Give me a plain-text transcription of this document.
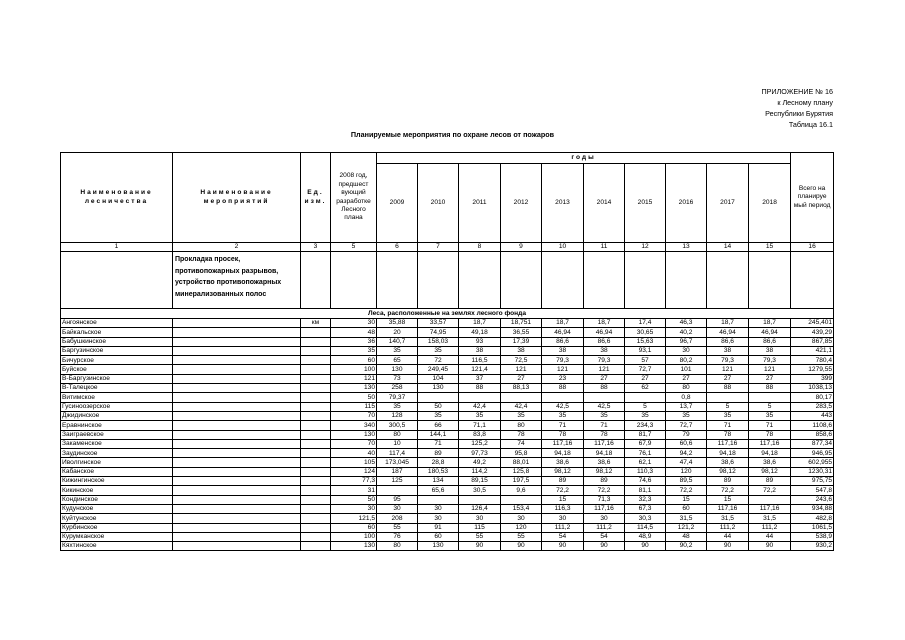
ПРИЛОЖЕНИЕ № 16
к Лесному плану
Республики Бурятия
Таблица 16.1
Планируемые мероприятия по охране лесов от пожаров
Наименование лесничества	Наименование мероприятий	Ед. изм.	2008 год, предшест вующий разработке Лесного плана	годы										Всего на планируе мый период
				2009	2010	2011	2012	2013	2014	2015	2016	2017	2018	
1	2	3	5	6	7	8	9	10	11	12	13	14	15	16
	Прокладка просек, противопожарных разрывов, устройство противопожарных минерализованных полос													
Леса, расположенные на землях лесного фонда														
Ангоянское		км	30	35,88	33,57	18,7	18,751	18,7	18,7	17,4	46,3	18,7	18,7	245,401
Байкальское			48	20	74,95	49,18	36,55	46,94	46,94	30,65	40,2	46,94	46,94	439,29
Бабушкинское			36	140,7	158,03	93	17,39	86,6	86,6	15,63	96,7	86,6	86,6	867,85
Баргузинское			35	35	35	38	38	38	38	93,1	30	38	38	421,1
Бичурское			60	65	72	116,5	72,5	79,3	79,3	57	80,2	79,3	79,3	780,4
Буйское			100	130	249,45	121,4	121	121	121	72,7	101	121	121	1279,55
В-Баргузинское			121	73	104	37	27	23	27	27	27	27	27	399
В-Талецкое			130	258	130	88	88,13	88	88	62	80	88	88	1038,13
Витимское			50	79,37							0,8			80,17
Гусиноозерское			115	35	50	42,4	42,4	42,5	42,5	5	13,7	5	5	283,5
Джидинское			70	128	35	35	35	35	35	35	35	35	35	443
Еравнинское			340	300,5	66	71,1	80	71	71	234,3	72,7	71	71	1108,6
Заиграевское			130	80	144,1	83,8	78	78	78	81,7	79	78	78	858,6
Закаменское			70	10	71	125,2	74	117,16	117,16	67,9	60,6	117,16	117,16	877,34
Заудинское			40	117,4	89	97,73	95,8	94,18	94,18	76,1	94,2	94,18	94,18	946,95
Иволгинское			105	173,045	28,8	49,2	88,01	38,6	38,6	62,1	47,4	38,6	38,6	602,955
Кабанское			124	187	180,53	114,2	125,8	98,12	98,12	110,3	120	98,12	98,12	1230,31
Кижингинское			77,3	125	134	89,15	197,5	89	89	74,6	89,5	89	89	975,75
Кикинское			31		65,6	30,5	9,6	72,2	72,2	81,1	72,2	72,2	72,2	547,8
Кондинское			50	95				15	71,3	32,3	15	15		243,6
Кудунское			30	30	30	126,4	153,4	116,3	117,16	67,3	60	117,16	117,16	934,88
Куйтунское			121,5	208	30	30	30	30	30	30,3	31,5	31,5	31,5	482,8
Курбинское			60	55	91	115	120	111,2	111,2	114,5	121,2	111,2	111,2	1061,5
Курумканское			100	76	60	55	55	54	54	48,9	48	44	44	538,9
Кяхтинское			130	80	130	90	90	90	90	90	90,2	90	90	930,2
